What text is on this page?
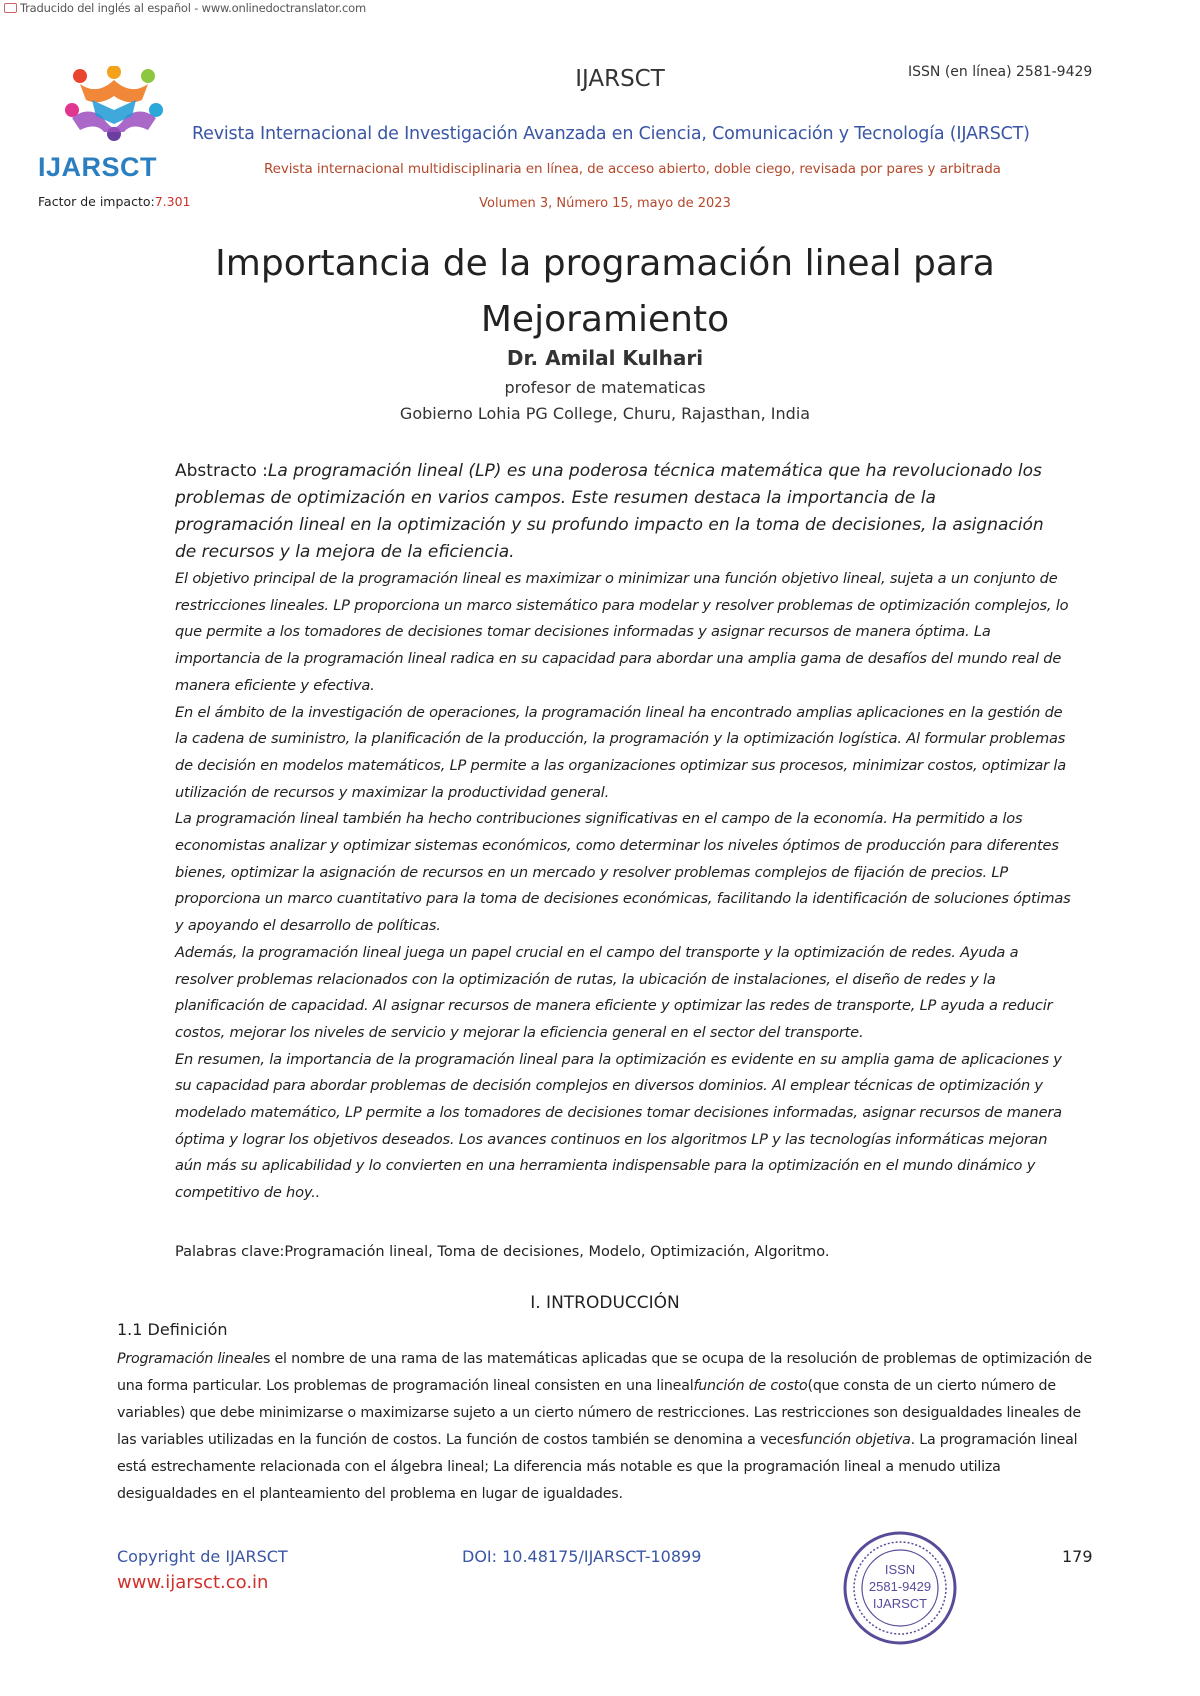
Traducido del inglés al español - www.onlinedoctranslator.com
IJARSCT
IJARSCT	ISSN (en línea) 2581-9429
Revista Internacional de Investigación Avanzada en Ciencia, Comunicación y Tecnología (IJARSCT)
Revista internacional multidisciplinaria en línea, de acceso abierto, doble ciego, revisada por pares y arbitrada
Factor de impacto:7.301	Volumen 3, Número 15, mayo de 2023
Importancia de la programación lineal para
Mejoramiento
Dr. Amilal Kulhari
profesor de matematicas
Gobierno Lohia PG College, Churu, Rajasthan, India
Abstracto :La programación lineal (LP) es una poderosa técnica matemática que ha revolucionado los problemas de optimización en varios campos. Este resumen destaca la importancia de la programación lineal en la optimización y su profundo impacto en la toma de decisiones, la asignación de recursos y la mejora de la eficiencia.

El objetivo principal de la programación lineal es maximizar o minimizar una función objetivo lineal, sujeta a un conjunto de restricciones lineales. LP proporciona un marco sistemático para modelar y resolver problemas de optimización complejos, lo que permite a los tomadores de decisiones tomar decisiones informadas y asignar recursos de manera óptima. La importancia de la programación lineal radica en su capacidad para abordar una amplia gama de desafíos del mundo real de manera eficiente y efectiva.

En el ámbito de la investigación de operaciones, la programación lineal ha encontrado amplias aplicaciones en la gestión de la cadena de suministro, la planificación de la producción, la programación y la optimización logística. Al formular problemas de decisión en modelos matemáticos, LP permite a las organizaciones optimizar sus procesos, minimizar costos, optimizar la utilización de recursos y maximizar la productividad general.

La programación lineal también ha hecho contribuciones significativas en el campo de la economía. Ha permitido a los economistas analizar y optimizar sistemas económicos, como determinar los niveles óptimos de producción para diferentes bienes, optimizar la asignación de recursos en un mercado y resolver problemas complejos de fijación de precios. LP proporciona un marco cuantitativo para la toma de decisiones económicas, facilitando la identificación de soluciones óptimas y apoyando el desarrollo de políticas.

Además, la programación lineal juega un papel crucial en el campo del transporte y la optimización de redes. Ayuda a resolver problemas relacionados con la optimización de rutas, la ubicación de instalaciones, el diseño de redes y la planificación de capacidad. Al asignar recursos de manera eficiente y optimizar las redes de transporte, LP ayuda a reducir costos, mejorar los niveles de servicio y mejorar la eficiencia general en el sector del transporte.

En resumen, la importancia de la programación lineal para la optimización es evidente en su amplia gama de aplicaciones y su capacidad para abordar problemas de decisión complejos en diversos dominios. Al emplear técnicas de optimización y modelado matemático, LP permite a los tomadores de decisiones tomar decisiones informadas, asignar recursos de manera óptima y lograr los objetivos deseados. Los avances continuos en los algoritmos LP y las tecnologías informáticas mejoran aún más su aplicabilidad y lo convierten en una herramienta indispensable para la optimización en el mundo dinámico y competitivo de hoy..

Palabras clave:Programación lineal, Toma de decisiones, Modelo, Optimización, Algoritmo.
I. INTRODUCCIÓN
1.1 Definición
Programación lineales el nombre de una rama de las matemáticas aplicadas que se ocupa de la resolución de problemas de optimización de una forma particular. Los problemas de programación lineal consisten en una linealfunción de costo(que consta de un cierto número de variables) que debe minimizarse o maximizarse sujeto a un cierto número de restricciones. Las restricciones son desigualdades lineales de las variables utilizadas en la función de costos. La función de costos también se denomina a vecesfunción objetiva. La programación lineal está estrechamente relacionada con el álgebra lineal; La diferencia más notable es que la programación lineal a menudo utiliza desigualdades en el planteamiento del problema en lugar de igualdades.
Copyright de IJARSCT
www.ijarsct.co.in
DOI: 10.48175/IJARSCT-10899
ISSN
2581-9429
IJARSCT
179
